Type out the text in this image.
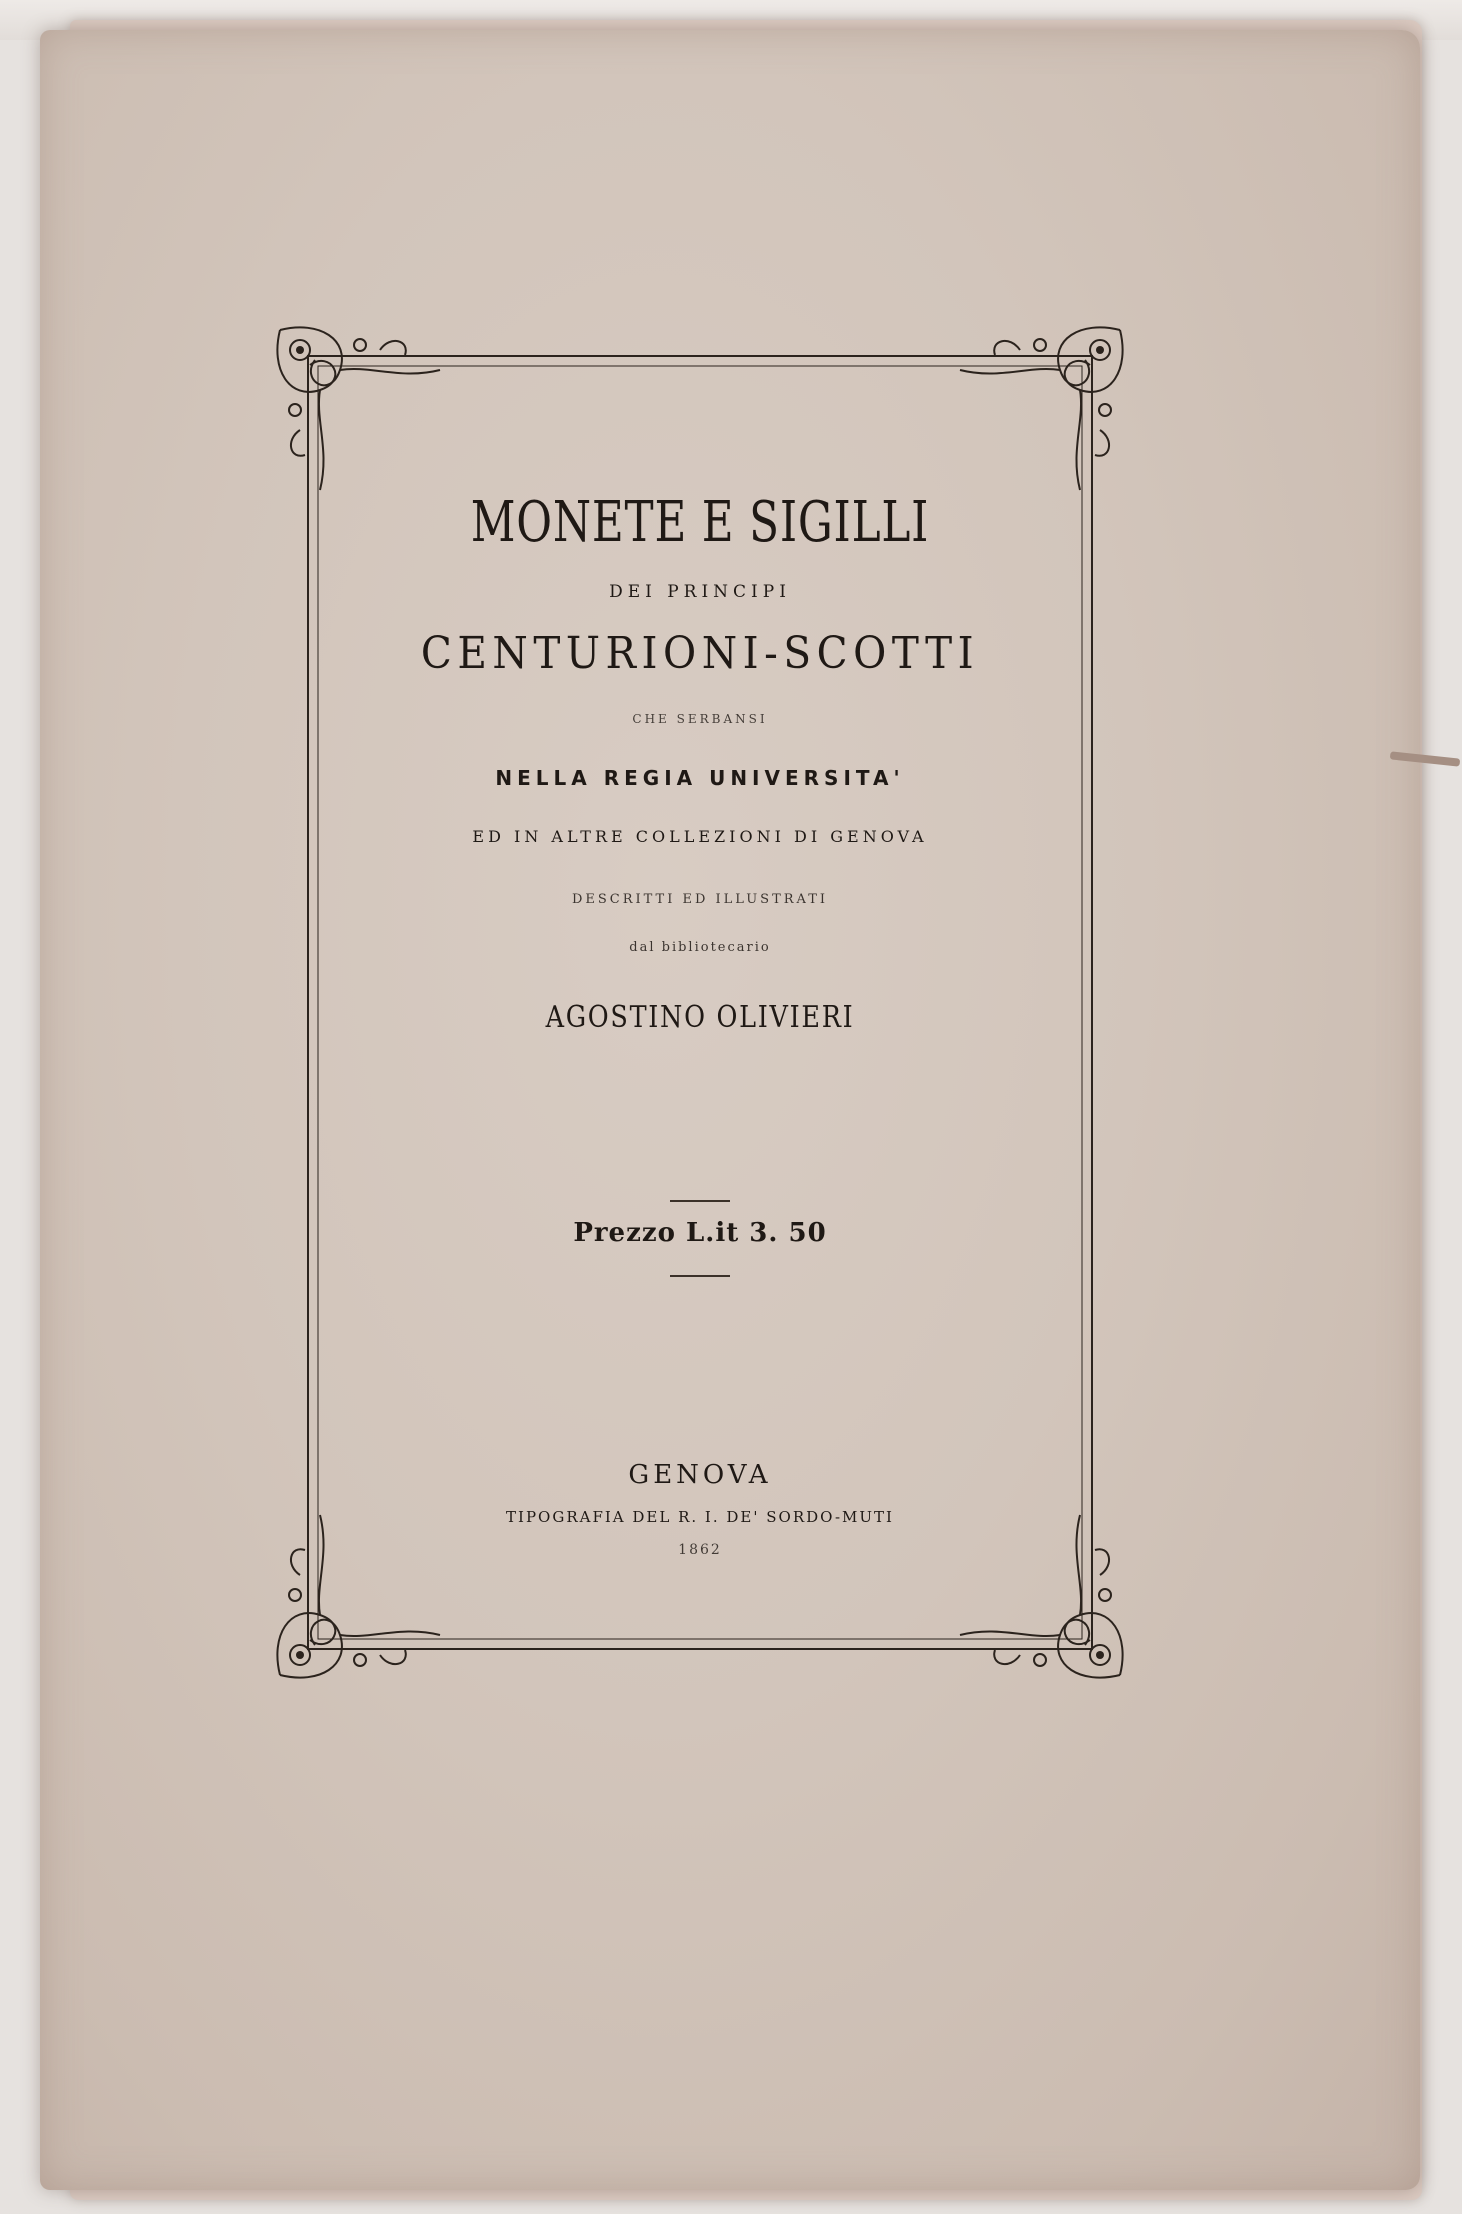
MONETE E SIGILLI
DEI PRINCIPI
CENTURIONI-SCOTTI
CHE SERBANSI
NELLA REGIA UNIVERSITA'
ED IN ALTRE COLLEZIONI DI GENOVA
DESCRITTI ED ILLUSTRATI
dal bibliotecario
AGOSTINO OLIVIERI
Prezzo L.it 3. 50
GENOVA
TIPOGRAFIA DEL R. I. DE' SORDO-MUTI
1862
